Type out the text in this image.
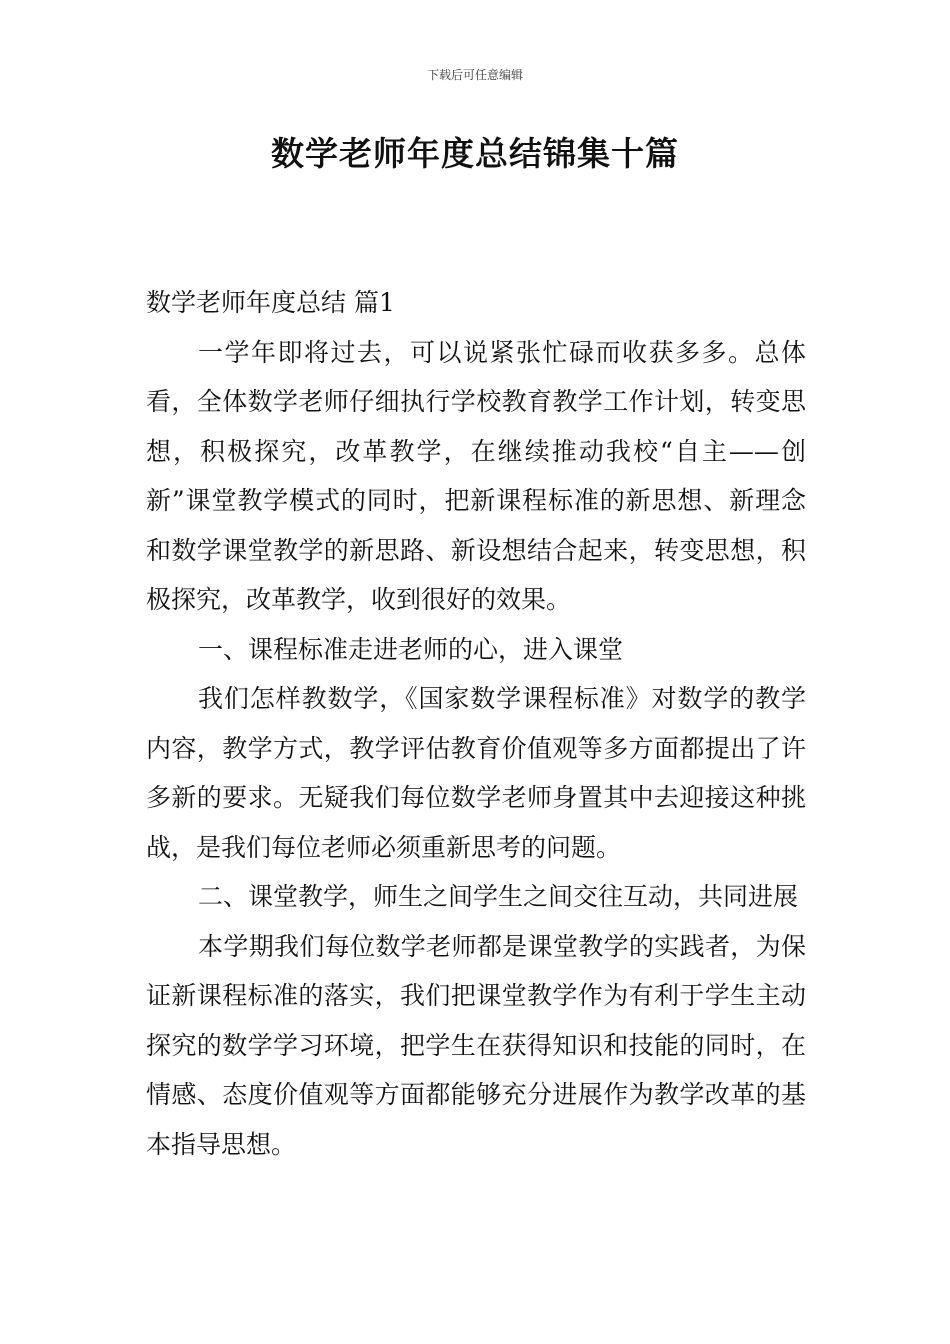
下载后可任意编辑
数学老师年度总结锦集十篇

数学老师年度总结 篇1

一学年即将过去，可以说紧张忙碌而收获多多。总体看，全体数学老师仔细执行学校教育教学工作计划，转变思想，积极探究，改革教学，在继续推动我校“自主——创新”课堂教学模式的同时，把新课程标准的新思想、新理念和数学课堂教学的新思路、新设想结合起来，转变思想，积极探究，改革教学，收到很好的效果。

一、课程标准走进老师的心，进入课堂

我们怎样教数学，《国家数学课程标准》对数学的教学内容，教学方式，教学评估教育价值观等多方面都提出了许多新的要求。无疑我们每位数学老师身置其中去迎接这种挑战，是我们每位老师必须重新思考的问题。

二、课堂教学，师生之间学生之间交往互动，共同进展

本学期我们每位数学老师都是课堂教学的实践者，为保证新课程标准的落实，我们把课堂教学作为有利于学生主动探究的数学学习环境，把学生在获得知识和技能的同时，在情感、态度价值观等方面都能够充分进展作为教学改革的基本指导思想。
